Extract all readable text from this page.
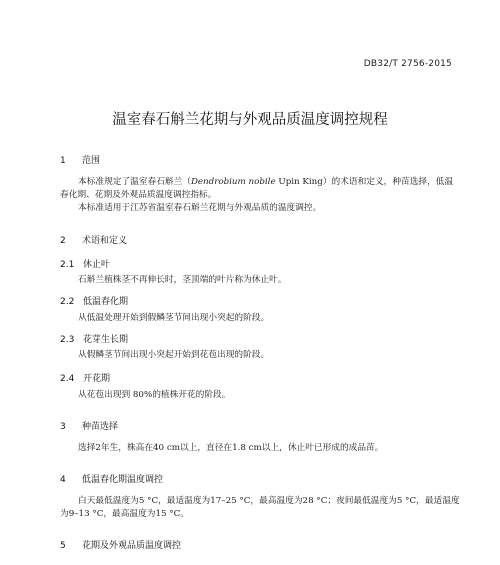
DB32/T 2756-2015
温室春石斛兰花期与外观品质温度调控规程
1 范围
本标准规定了温室春石斛兰（Dendrobium nobile Upin King）的术语和定义，种苗选择，低温春化期、花期及外观品质温度调控指标。
本标准适用于江苏省温室春石斛兰花期与外观品质的温度调控。
2 术语和定义
2.1 休止叶
石斛兰植株茎不再伸长时，茎顶端的叶片称为休止叶。
2.2 低温春化期
从低温处理开始到假鳞茎节间出现小突起的阶段。
2.3 花芽生长期
从假鳞茎节间出现小突起开始到花苞出现的阶段。
2.4 开花期
从花苞出现到 80%的植株开花的阶段。
3 种苗选择
选择2年生，株高在40 cm以上，直径在1.8 cm以上，休止叶已形成的成品苗。
4 低温春化期温度调控
白天最低温度为5 °C，最适温度为17–25 °C，最高温度为28 °C；夜间最低温度为5 °C，最适温度为9–13 °C，最高温度为15 °C。
5 花期及外观品质温度调控
